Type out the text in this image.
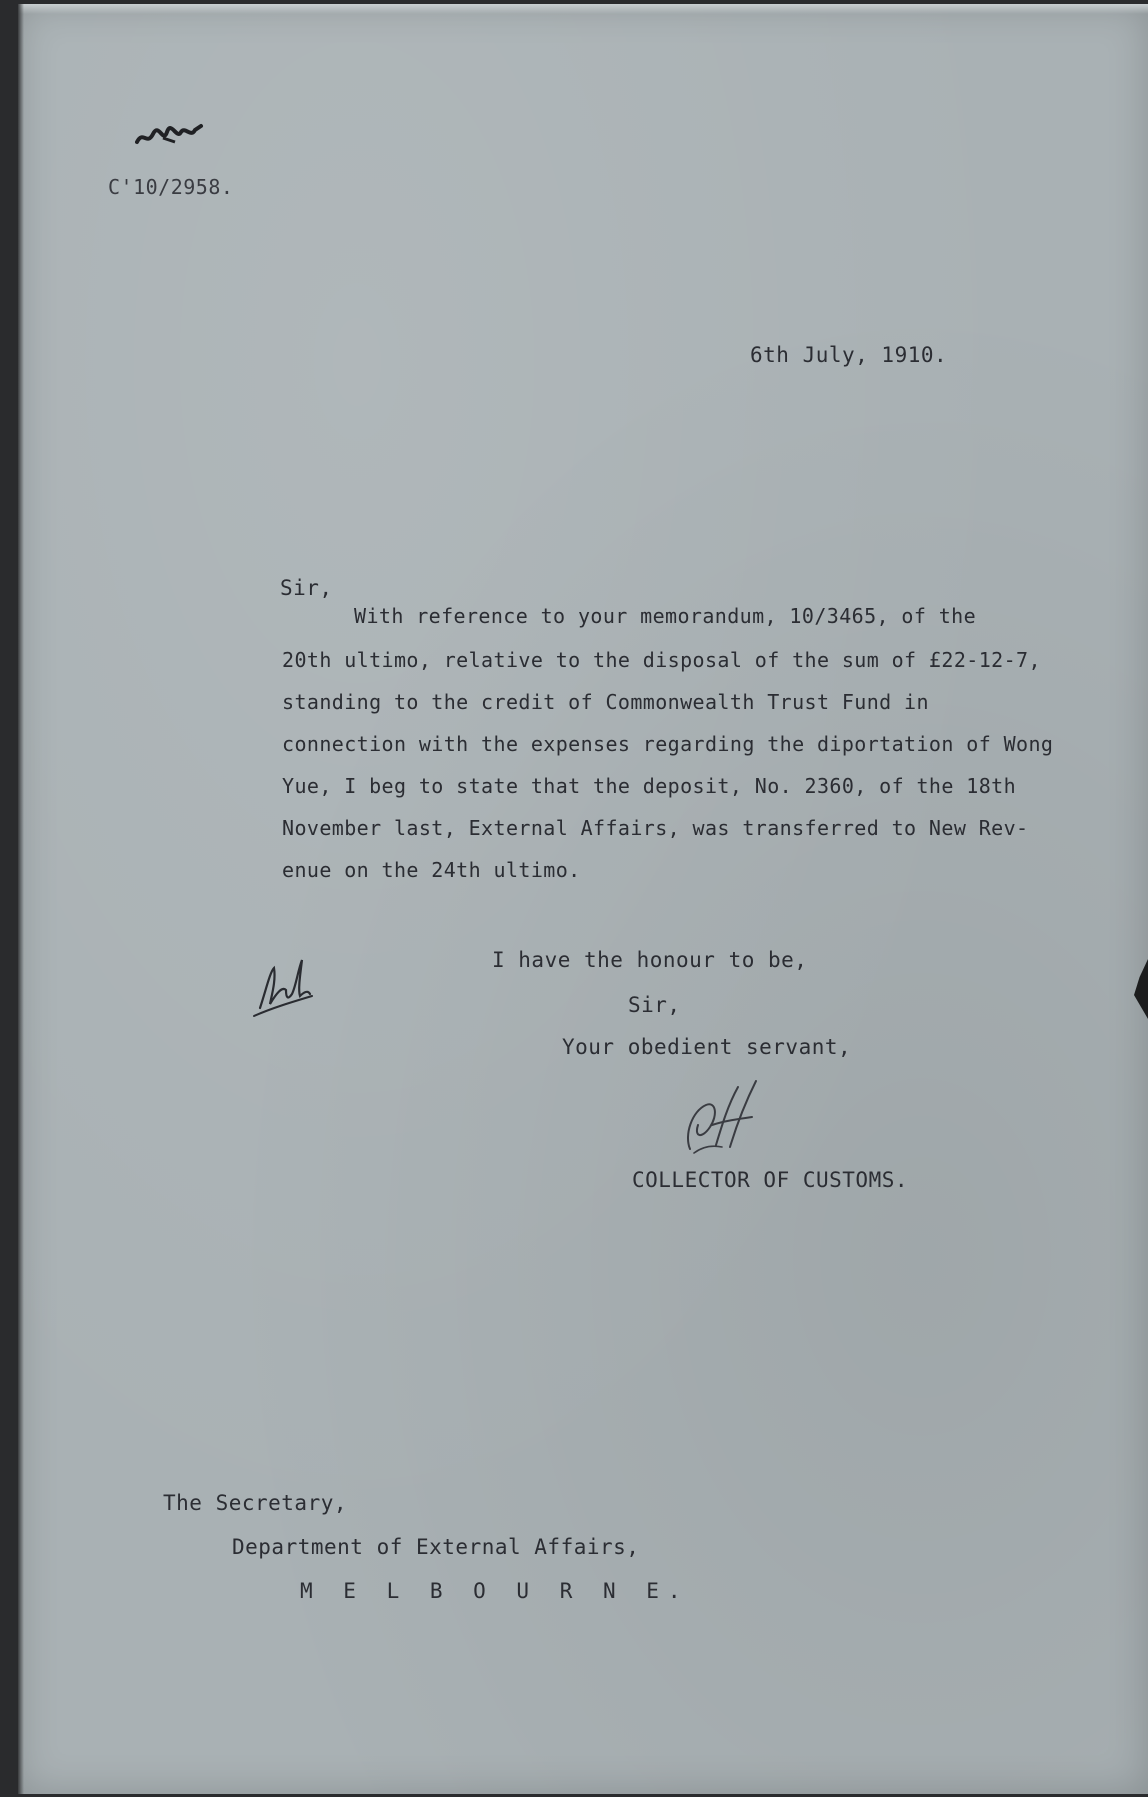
C'10/2958.
6th July, 1910.
Sir,
With reference to your memorandum, 10/3465, of the
20th ultimo, relative to the disposal of the sum of £22-12-7,
standing to the credit of Commonwealth Trust Fund in
connection with the expenses regarding the diportation of Wong
Yue, I beg to state that the deposit, No. 2360, of the 18th
November last, External Affairs, was transferred to New Rev-
enue on the 24th ultimo.
I have the honour to be,
Sir,
Your obedient servant,
COLLECTOR OF CUSTOMS.
The Secretary,
Department of External Affairs,
M E L B O U R N E.
